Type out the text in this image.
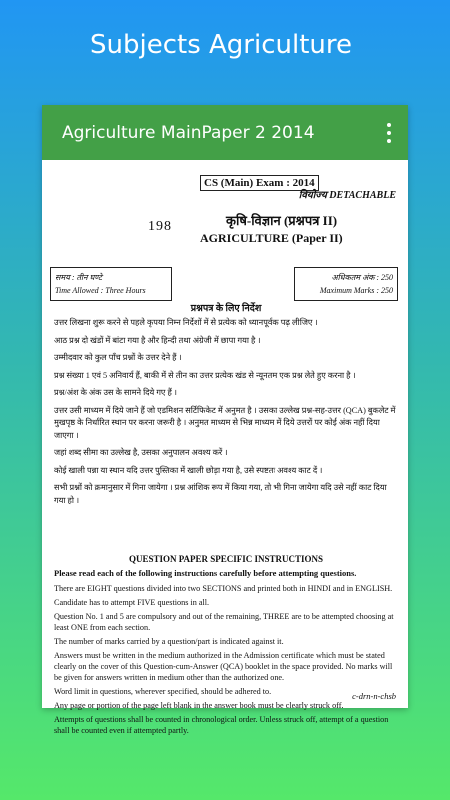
Subjects Agriculture
Agriculture MainPaper 2 2014
CS (Main) Exam : 2014
वियोज्य DETACHABLE
198	कृषि-विज्ञान (प्रश्नपत्र II)
AGRICULTURE (Paper II)
समय : तीन घण्टे
Time Allowed : Three Hours
अधिकतम अंक : 250
Maximum Marks : 250
प्रश्नपत्र के लिए निर्देश

उत्तर लिखना शुरू करने से पहले कृपया निम्न निर्देशों में से प्रत्येक को ध्यानपूर्वक पढ़ लीजिए ।

आठ प्रश्न दो खंडों में बांटा गया है और हिन्दी तथा अंग्रेजी में छापा गया है ।

उम्मीदवार को कुल पाँच प्रश्नों के उत्तर देने हैं ।

प्रश्न संख्या 1 एवं 5 अनिवार्य हैं, बाकी में से तीन का उत्तर प्रत्येक खंड से न्यूनतम एक प्रश्न लेते हुए करना है ।

प्रश्न/अंश के अंक उस के सामने दिये गए हैं ।

उत्तर उसी माध्यम में दिये जाने हैं जो एडमिशन सर्टिफिकेट में अनुमत है । उसका उल्लेख प्रश्न-सह-उत्तर (QCA) बुकलेट में मुखपृष्ठ के निर्धारित स्थान पर करना जरूरी है । अनुमत माध्यम से भिन्न माध्यम में दिये उत्तरों पर कोई अंक नहीं दिया जाएगा ।

जहां शब्द सीमा का उल्लेख है, उसका अनुपालन अवश्य करें ।

कोई खाली पन्ना या स्थान यदि उत्तर पुस्तिका में खाली छोड़ा गया है, उसे स्पष्टतः अवश्य काट दें ।

सभी प्रश्नों को क्रमानुसार में गिना जायेगा । प्रश्न आंशिक रूप में किया गया, तो भी गिना जायेगा यदि उसे नहीं काट दिया गया हो ।

QUESTION PAPER SPECIFIC INSTRUCTIONS
Please read each of the following instructions carefully before attempting questions.

There are EIGHT questions divided into two SECTIONS and printed both in HINDI and in ENGLISH.

Candidate has to attempt FIVE questions in all.

Question No. 1 and 5 are compulsory and out of the remaining, THREE are to be attempted choosing at least ONE from each section.

The number of marks carried by a question/part is indicated against it.

Answers must be written in the medium authorized in the Admission certificate which must be stated clearly on the cover of this Question-cum-Answer (QCA) booklet in the space provided. No marks will be given for answers written in medium other than the authorized one.

Word limit in questions, wherever specified, should be adhered to.

Any page or portion of the page left blank in the answer book must be clearly struck off.

Attempts of questions shall be counted in chronological order. Unless struck off, attempt of a question shall be counted even if attempted partly.

c-drn-n-chsb
